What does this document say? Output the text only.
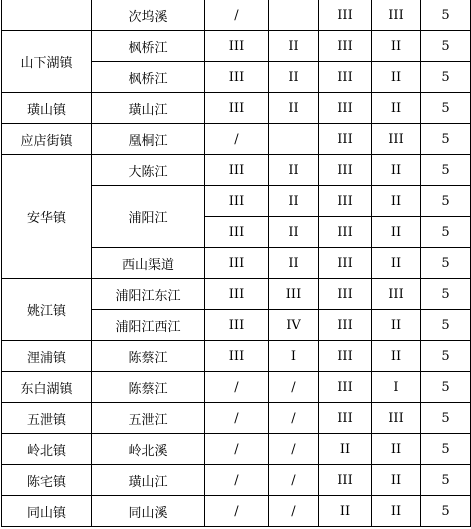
	次坞溪	/		III	III	5
山下湖镇	枫桥江	III	II	III	II	5
	枫桥江	III	II	III	II	5
璜山镇	璜山江	III	II	III	II	5
应店街镇	凰桐江	/		III	III	5
安华镇	大陈江	III	II	III	II	5
	浦阳江	III	II	III	II	5
		III	II	III	II	5
	西山渠道	III	II	III	II	5
姚江镇	浦阳江东江	III	III	III	III	5
	浦阳江西江	III	IV	III	II	5
浬浦镇	陈蔡江	III	I	III	II	5
东白湖镇	陈蔡江	/	/	III	I	5
五泄镇	五泄江	/	/	III	III	5
岭北镇	岭北溪	/	/	II	II	5
陈宅镇	璜山江	/	/	III	II	5
同山镇	同山溪	/	/	II	II	5
